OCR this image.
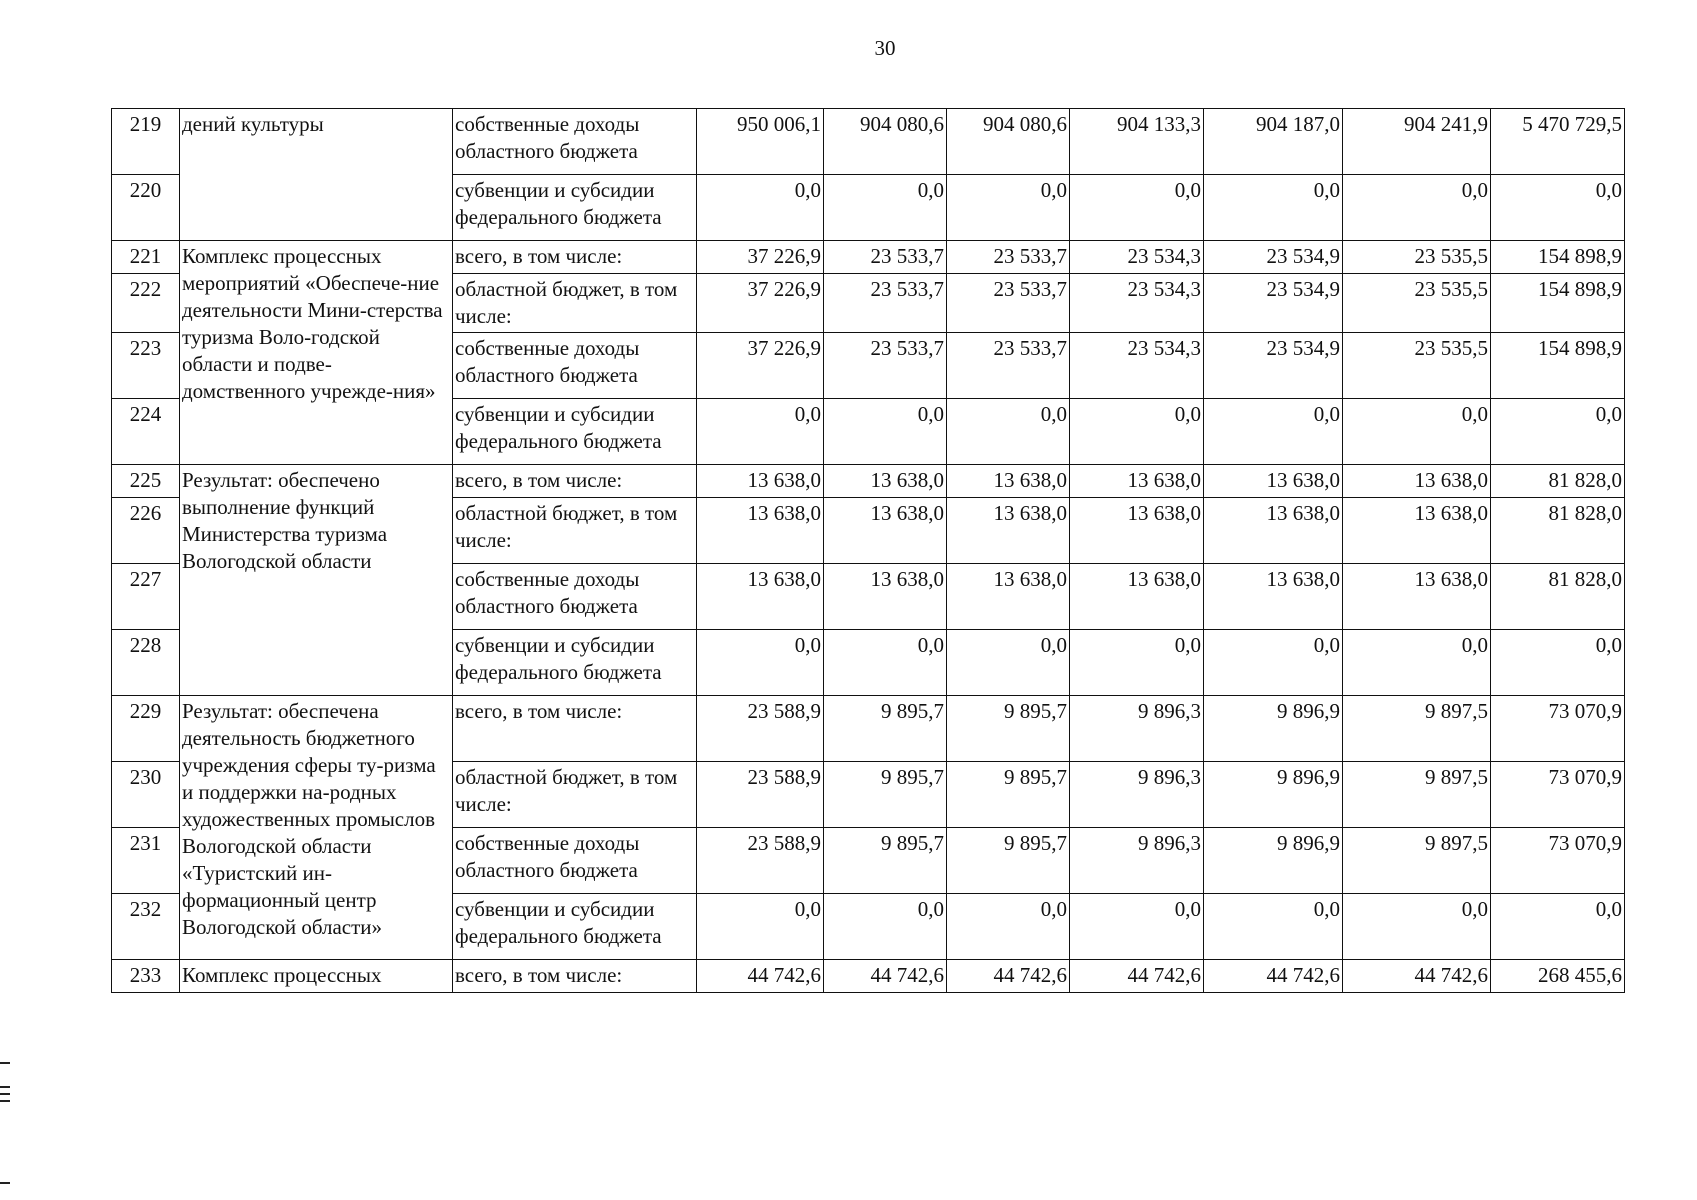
30
219	дений культуры	собственные доходы областного бюджета	950 006,1	904 080,6	904 080,6	904 133,3	904 187,0	904 241,9	5 470 729,5
220		субвенции и субсидии федерального бюджета	0,0	0,0	0,0	0,0	0,0	0,0	0,0
221	Комплекс процессных мероприятий «Обеспече-ние деятельности Мини-стерства туризма Воло-годской области и подве-домственного учрежде-ния»	всего, в том числе:	37 226,9	23 533,7	23 533,7	23 534,3	23 534,9	23 535,5	154 898,9
222		областной бюджет, в том числе:	37 226,9	23 533,7	23 533,7	23 534,3	23 534,9	23 535,5	154 898,9
223		собственные доходы областного бюджета	37 226,9	23 533,7	23 533,7	23 534,3	23 534,9	23 535,5	154 898,9
224		субвенции и субсидии федерального бюджета	0,0	0,0	0,0	0,0	0,0	0,0	0,0
225	Результат: обеспечено выполнение функций Министерства туризма Вологодской области	всего, в том числе:	13 638,0	13 638,0	13 638,0	13 638,0	13 638,0	13 638,0	81 828,0
226		областной бюджет, в том числе:	13 638,0	13 638,0	13 638,0	13 638,0	13 638,0	13 638,0	81 828,0
227		собственные доходы областного бюджета	13 638,0	13 638,0	13 638,0	13 638,0	13 638,0	13 638,0	81 828,0
228		субвенции и субсидии федерального бюджета	0,0	0,0	0,0	0,0	0,0	0,0	0,0
229	Результат: обеспечена деятельность бюджетного учреждения сферы ту-ризма и поддержки на-родных художественных промыслов Вологодской области «Туристский ин-формационный центр Вологодской области»	всего, в том числе:	23 588,9	9 895,7	9 895,7	9 896,3	9 896,9	9 897,5	73 070,9
230		областной бюджет, в том числе:	23 588,9	9 895,7	9 895,7	9 896,3	9 896,9	9 897,5	73 070,9
231		собственные доходы областного бюджета	23 588,9	9 895,7	9 895,7	9 896,3	9 896,9	9 897,5	73 070,9
232		субвенции и субсидии федерального бюджета	0,0	0,0	0,0	0,0	0,0	0,0	0,0
233	Комплекс процессных	всего, в том числе:	44 742,6	44 742,6	44 742,6	44 742,6	44 742,6	44 742,6	268 455,6
